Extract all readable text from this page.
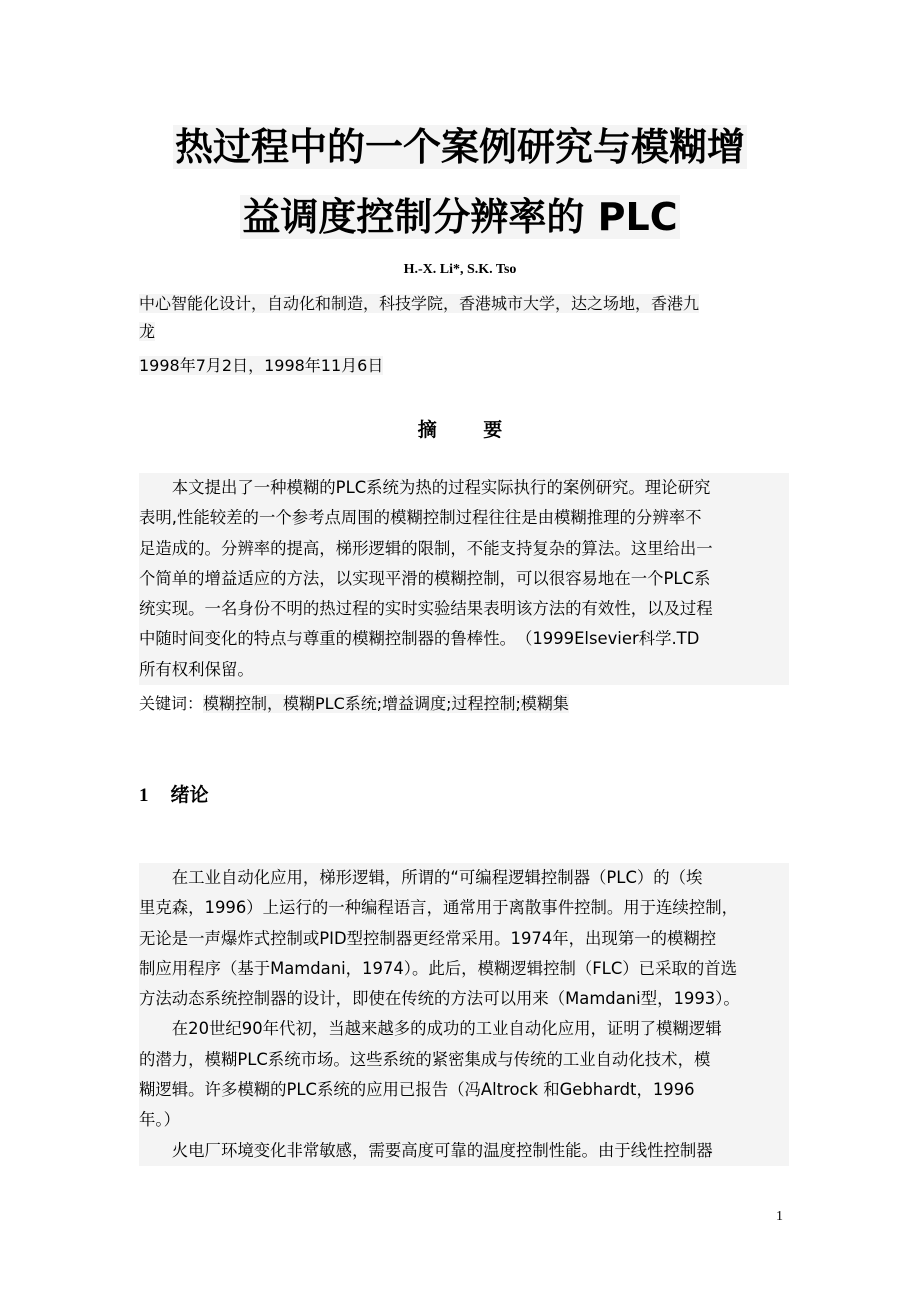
热过程中的一个案例研究与模糊增
益调度控制分辨率的 PLC
H.-X. Li*, S.K. Tso
中心智能化设计，自动化和制造，科技学院，香港城市大学，达之场地，香港九
龙
1998年7月2日，1998年11月6日
摘 要
　　本文提出了一种模糊的PLC系统为热的过程实际执行的案例研究。理论研究
表明,性能较差的一个参考点周围的模糊控制过程往往是由模糊推理的分辨率不
足造成的。分辨率的提高，梯形逻辑的限制，不能支持复杂的算法。这里给出一
个简单的增益适应的方法，以实现平滑的模糊控制，可以很容易地在一个PLC系
统实现。一名身份不明的热过程的实时实验结果表明该方法的有效性，以及过程
中随时间变化的特点与尊重的模糊控制器的鲁棒性。　（1999Elsevier科学.TD
所有权利保留。
关键词：模糊控制，模糊PLC系统;增益调度;过程控制;模糊集
1 绪论
　　在工业自动化应用，梯形逻辑，所谓的“可编程逻辑控制器（PLC）的（埃
里克森，1996）上运行的一种编程语言，通常用于离散事件控制。用于连续控制，
无论是一声爆炸式控制或PID型控制器更经常采用。1974年，出现第一的模糊控
制应用程序（基于Mamdani，1974）。此后，模糊逻辑控制（FLC）已采取的首选
方法动态系统控制器的设计，即使在传统的方法可以用来（Mamdani型，1993）。
　　在20世纪90年代初，当越来越多的成功的工业自动化应用，证明了模糊逻辑
的潜力，模糊PLC系统市场。这些系统的紧密集成与传统的工业自动化技术，模
糊逻辑。许多模糊的PLC系统的应用已报告（冯Altrock 和Gebhardt，1996
年。）
　　火电厂环境变化非常敏感，需要高度可靠的温度控制性能。由于线性控制器
1
